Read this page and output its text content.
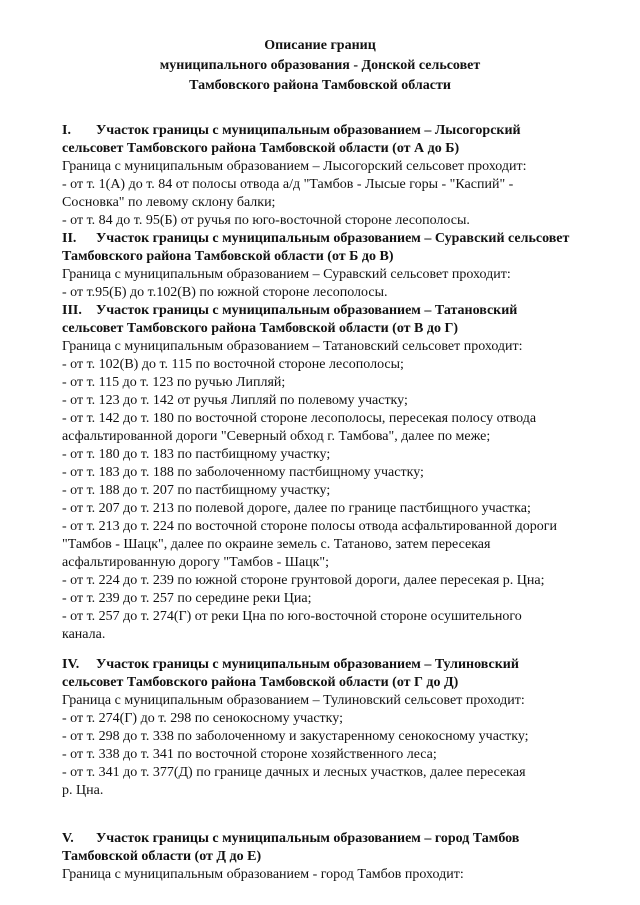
Описание границ
муниципального образования - Донской сельсовет
Тамбовского района Тамбовской области
I. Участок границы с муниципальным образованием – Лысогорский
сельсовет Тамбовского района Тамбовской области (от А до Б)
Граница с муниципальным образованием – Лысогорский сельсовет проходит:
- от т. 1(А) до т. 84 от полосы отвода а/д "Тамбов - Лысые горы - "Каспий" -
Сосновка" по левому склону балки;
- от т. 84 до т. 95(Б) от ручья по юго-восточной стороне лесополосы.
II. Участок границы с муниципальным образованием – Суравский сельсовет
Тамбовского района Тамбовской области (от Б до В)
Граница с муниципальным образованием – Суравский сельсовет проходит:
- от т.95(Б) до т.102(В) по южной стороне лесополосы.
III. Участок границы с муниципальным образованием – Татановский
сельсовет Тамбовского района Тамбовской области (от В до Г)
Граница с муниципальным образованием – Татановский сельсовет проходит:
- от т. 102(В) до т. 115 по восточной стороне лесополосы;
- от т. 115 до т. 123 по ручью Липляй;
- от т. 123 до т. 142 от ручья Липляй по полевому участку;
- от т. 142 до т. 180 по восточной стороне лесополосы, пересекая полосу отвода
асфальтированной дороги "Северный обход г. Тамбова", далее по меже;
- от т. 180 до т. 183 по пастбищному участку;
- от т. 183 до т. 188 по заболоченному пастбищному участку;
- от т. 188 до т. 207 по пастбищному участку;
- от т. 207 до т. 213 по полевой дороге, далее по границе пастбищного участка;
- от т. 213 до т. 224 по восточной стороне полосы отвода асфальтированной дороги
"Тамбов - Шацк", далее по окраине земель с. Татаново, затем пересекая
асфальтированную дорогу "Тамбов - Шацк";
- от т. 224 до т. 239 по южной стороне грунтовой дороги, далее пересекая р. Цна;
- от т. 239 до т. 257 по середине реки Циа;
- от т. 257 до т. 274(Г) от реки Цна по юго-восточной стороне осушительного
канала.
IV. Участок границы с муниципальным образованием – Тулиновский
сельсовет Тамбовского района Тамбовской области (от Г до Д)
Граница с муниципальным образованием – Тулиновский сельсовет проходит:
- от т. 274(Г) до т. 298 по сенокосному участку;
- от т. 298 до т. 338 по заболоченному и закустаренному сенокосному участку;
- от т. 338 до т. 341 по восточной стороне хозяйственного леса;
- от т. 341 до т. 377(Д) по границе дачных и лесных участков, далее пересекая
р. Цна.
V. Участок границы с муниципальным образованием – город Тамбов
Тамбовской области (от Д до Е)
Граница с муниципальным образованием - город Тамбов проходит:
